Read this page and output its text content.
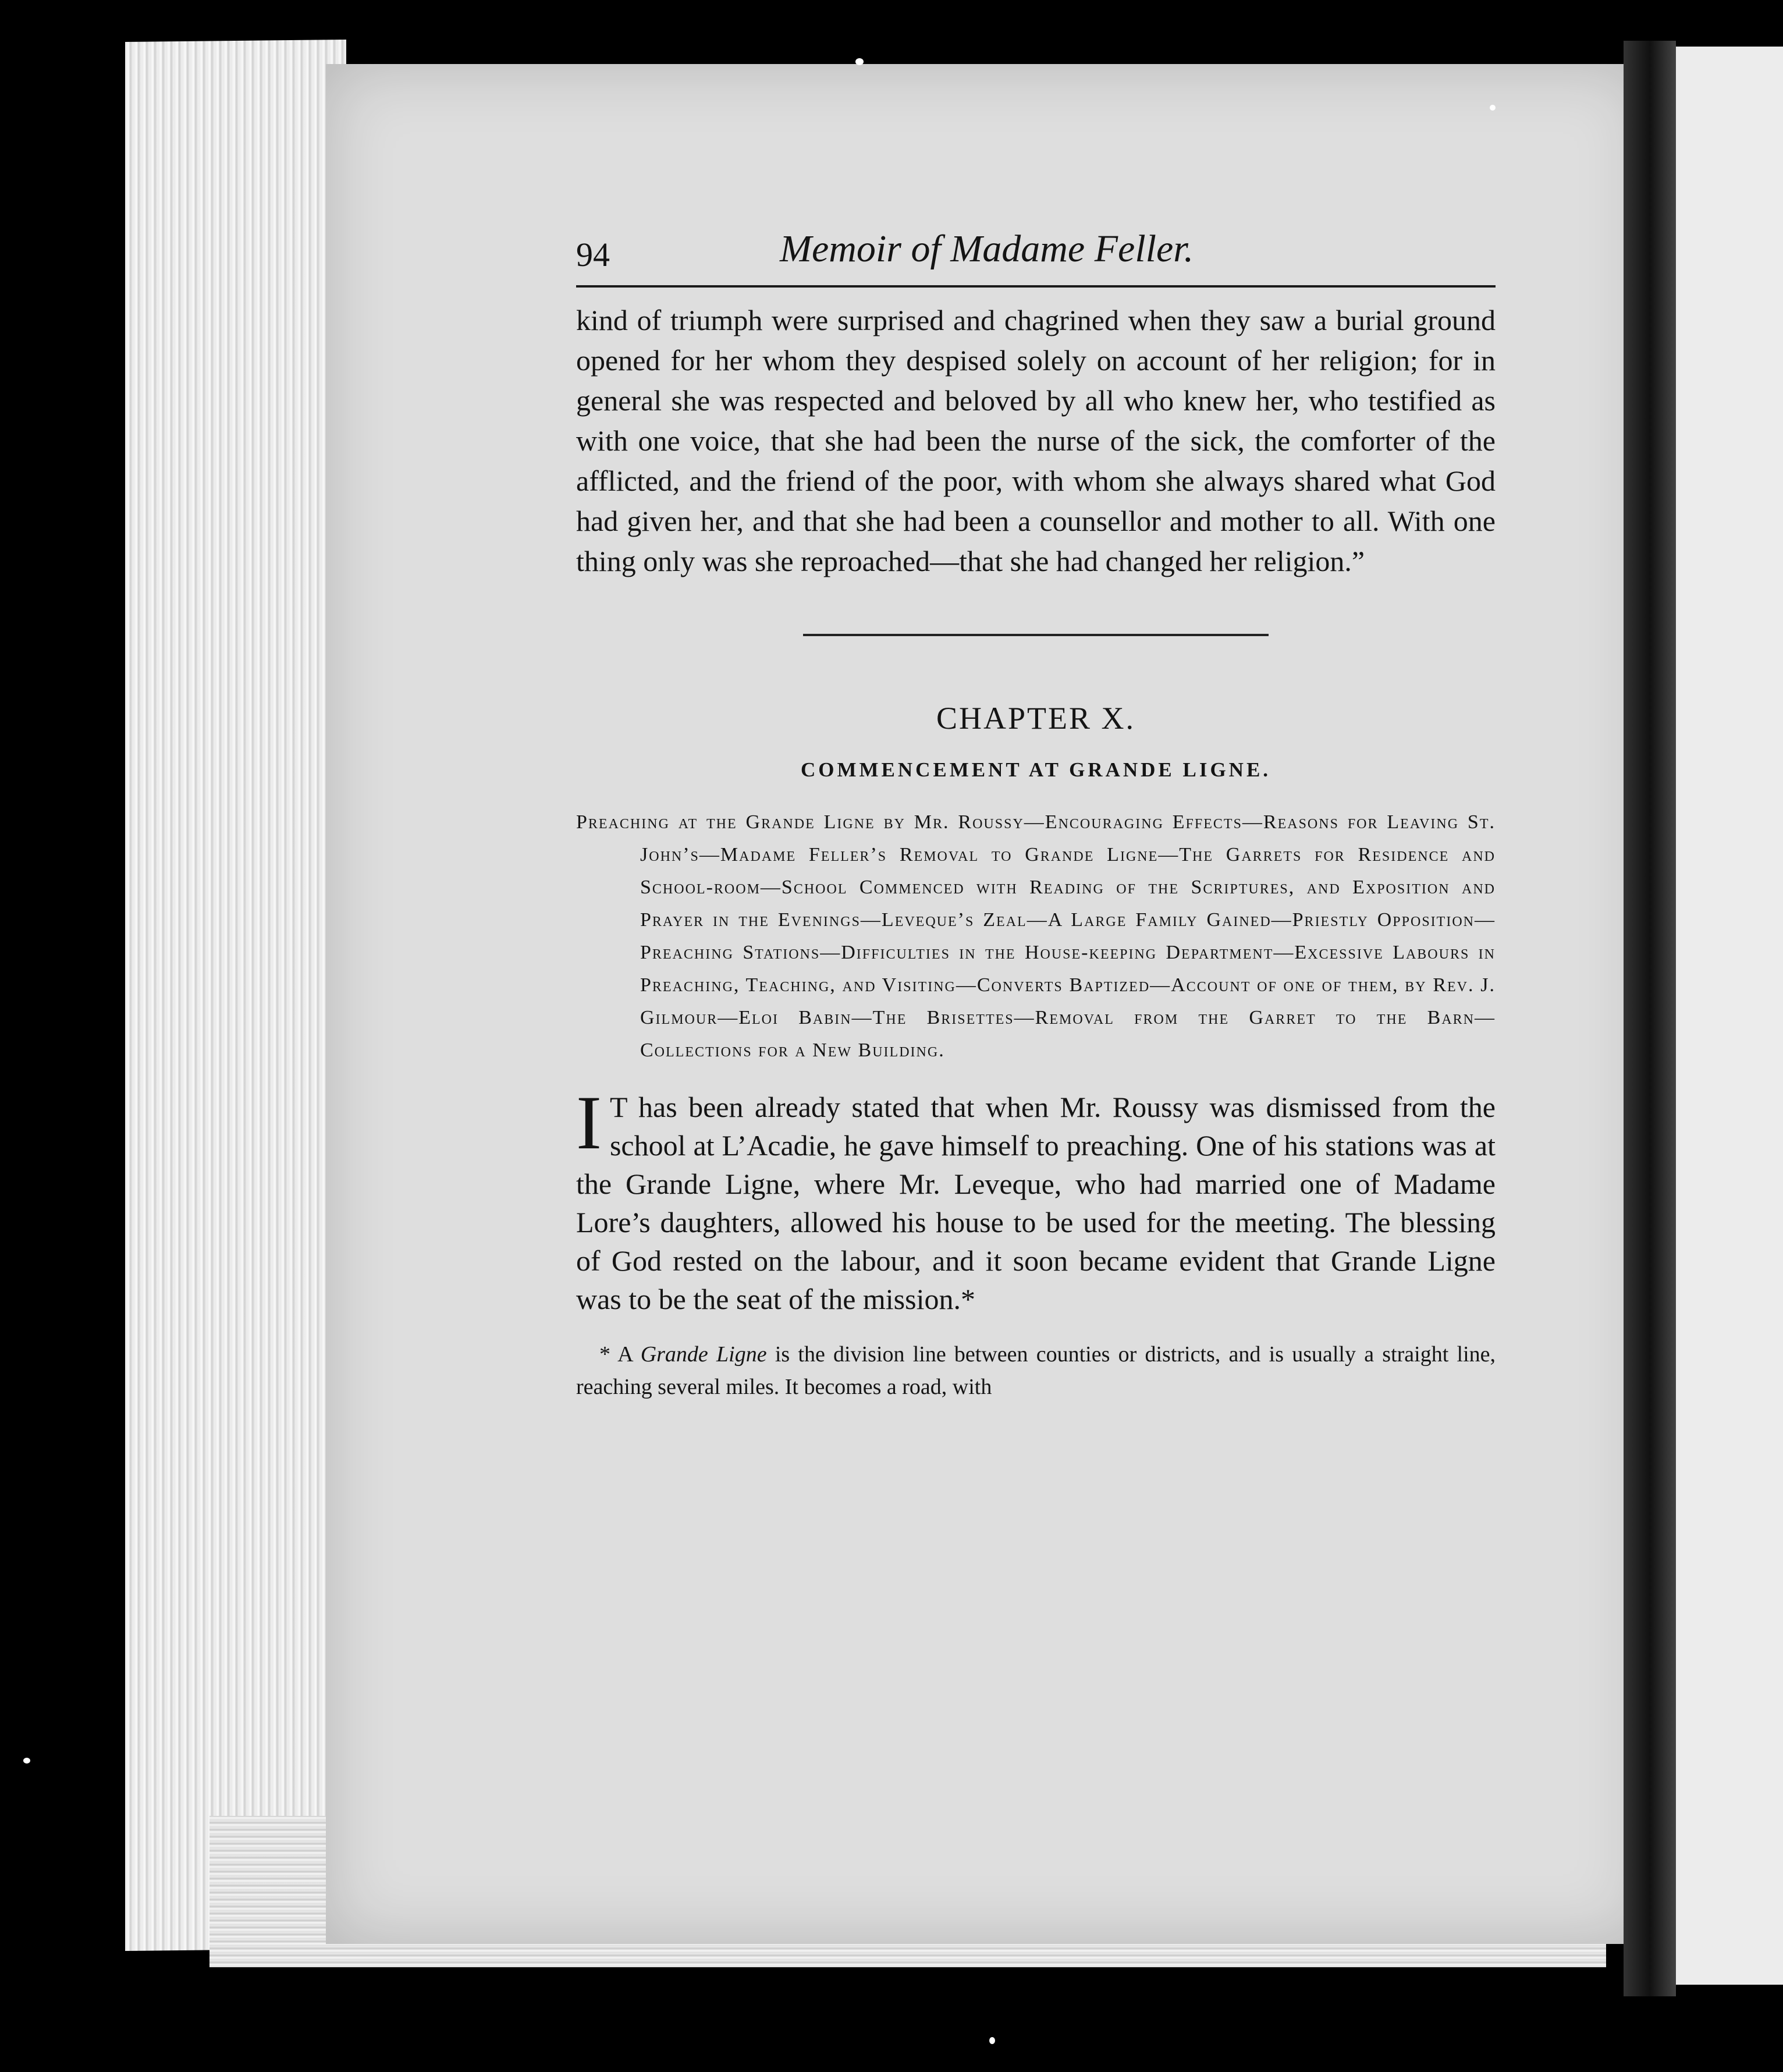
94	Memoir of Madame Feller.

kind of triumph were surprised and chagrined when they saw a burial ground opened for her whom they despised solely on account of her religion; for in general she was respected and beloved by all who knew her, who testified as with one voice, that she had been the nurse of the sick, the comforter of the afflicted, and the friend of the poor, with whom she always shared what God had given her, and that she had been a counsellor and mother to all. With one thing only was she reproached—that she had changed her religion.”

CHAPTER X.
COMMENCEMENT AT GRANDE LIGNE.
Preaching at the Grande Ligne by Mr. Roussy—Encouraging Effects—Reasons for Leaving St. John’s—Madame Feller’s Removal to Grande Ligne—The Garrets for Residence and School-room—School Commenced with Reading of the Scriptures, and Exposition and Prayer in the Evenings—Leveque’s Zeal—A Large Family Gained—Priestly Opposition—Preaching Stations—Difficulties in the House-keeping Department—Excessive Labours in Preaching, Teaching, and Visiting—Converts Baptized—Account of one of them, by Rev. J. Gilmour—Eloi Babin—The Brisettes—Removal from the Garret to the Barn—Collections for a New Building.
I T has been already stated that when Mr. Roussy was dismissed from the school at L’Acadie, he gave himself to preaching. One of his stations was at the Grande Ligne, where Mr. Leveque, who had married one of Madame Lore’s daughters, allowed his house to be used for the meeting. The blessing of God rested on the labour, and it soon became evident that Grande Ligne was to be the seat of the mission.*
* A Grande Ligne is the division line between counties or districts, and is usually a straight line, reaching several miles. It becomes a road, with
